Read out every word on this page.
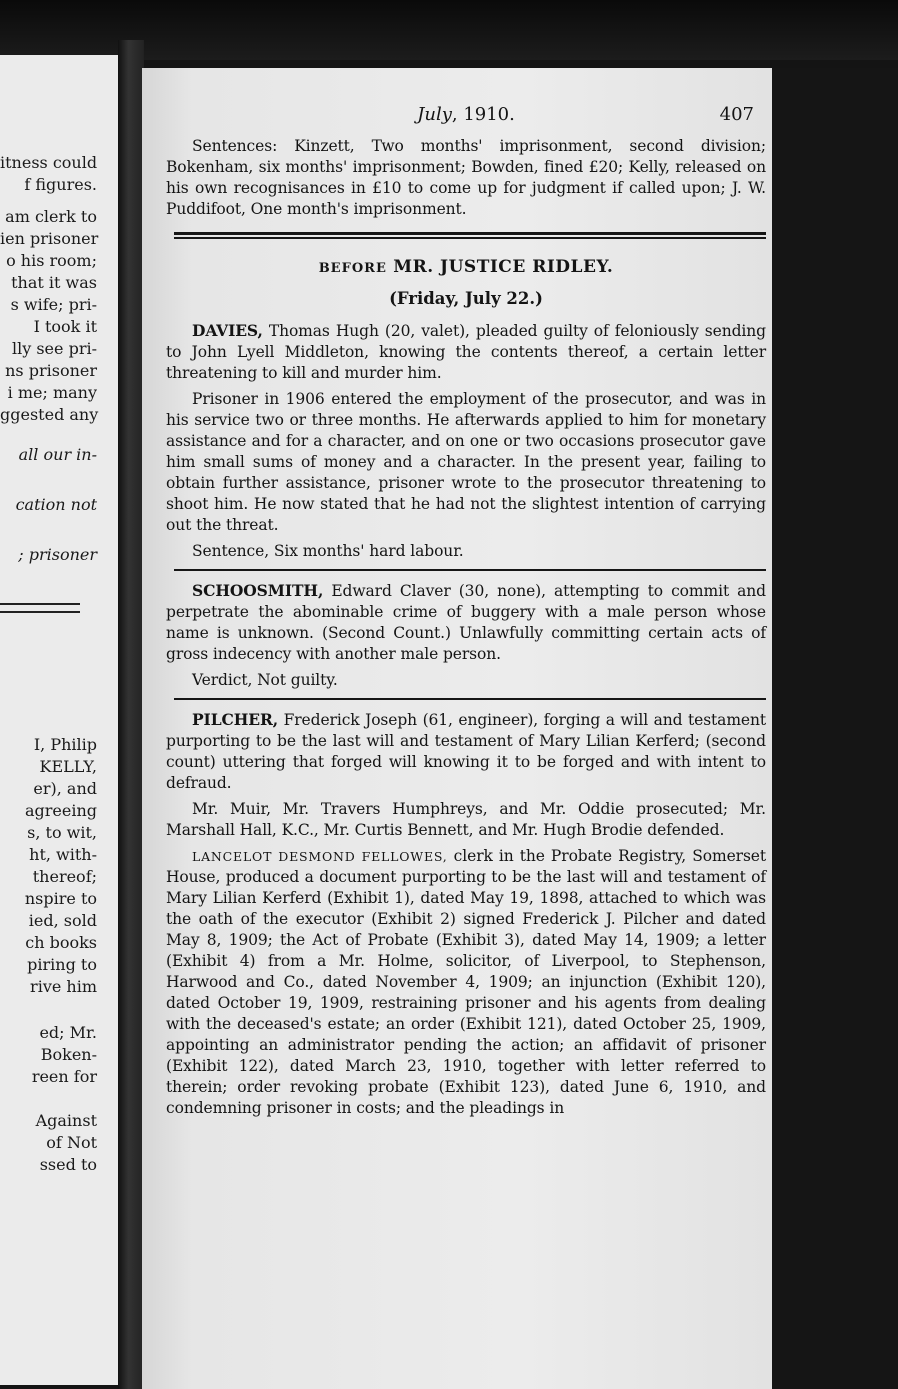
itness could
f figures.
am clerk to
ien prisoner
o his room;
that it was
s wife; pri-
I took it
lly see pri-
ns prisoner
i me; many
ggested any
all our in-
cation not
; prisoner
I, Philip
KELLY,
er), and
agreeing
s, to wit,
ht, with-
thereof;
nspire to
ied, sold
ch books
piring to
rive him
ed; Mr.
Boken-
reen for
Against
of Not
ssed to
July, 1910.	407

Sentences: Kinzett, Two months' imprisonment, second division; Bokenham, six months' imprisonment; Bowden, fined £20; Kelly, released on his own recognisances in £10 to come up for judgment if called upon; J. W. Puddifoot, One month's imprisonment.

BEFORE MR. JUSTICE RIDLEY.
(Friday, July 22.)

DAVIES, Thomas Hugh (20, valet), pleaded guilty of feloniously sending to John Lyell Middleton, knowing the contents thereof, a certain letter threatening to kill and murder him.

Prisoner in 1906 entered the employment of the prosecutor, and was in his service two or three months. He afterwards applied to him for monetary assistance and for a character, and on one or two occasions prosecutor gave him small sums of money and a character. In the present year, failing to obtain further assistance, prisoner wrote to the prosecutor threatening to shoot him. He now stated that he had not the slightest intention of carrying out the threat.

Sentence, Six months' hard labour.

SCHOOSMITH, Edward Claver (30, none), attempting to commit and perpetrate the abominable crime of buggery with a male person whose name is unknown. (Second Count.) Unlawfully committing certain acts of gross indecency with another male person.

Verdict, Not guilty.

PILCHER, Frederick Joseph (61, engineer), forging a will and testament purporting to be the last will and testament of Mary Lilian Kerferd; (second count) uttering that forged will knowing it to be forged and with intent to defraud.

Mr. Muir, Mr. Travers Humphreys, and Mr. Oddie prosecuted; Mr. Marshall Hall, K.C., Mr. Curtis Bennett, and Mr. Hugh Brodie defended.

LANCELOT DESMOND FELLOWES, clerk in the Probate Registry, Somerset House, produced a document purporting to be the last will and testament of Mary Lilian Kerferd (Exhibit 1), dated May 19, 1898, attached to which was the oath of the executor (Exhibit 2) signed Frederick J. Pilcher and dated May 8, 1909; the Act of Probate (Exhibit 3), dated May 14, 1909; a letter (Exhibit 4) from a Mr. Holme, solicitor, of Liverpool, to Stephenson, Harwood and Co., dated November 4, 1909; an injunction (Exhibit 120), dated October 19, 1909, restraining prisoner and his agents from dealing with the deceased's estate; an order (Exhibit 121), dated October 25, 1909, appointing an administrator pending the action; an affidavit of prisoner (Exhibit 122), dated March 23, 1910, together with letter referred to therein; order revoking probate (Exhibit 123), dated June 6, 1910, and condemning prisoner in costs; and the pleadings in
